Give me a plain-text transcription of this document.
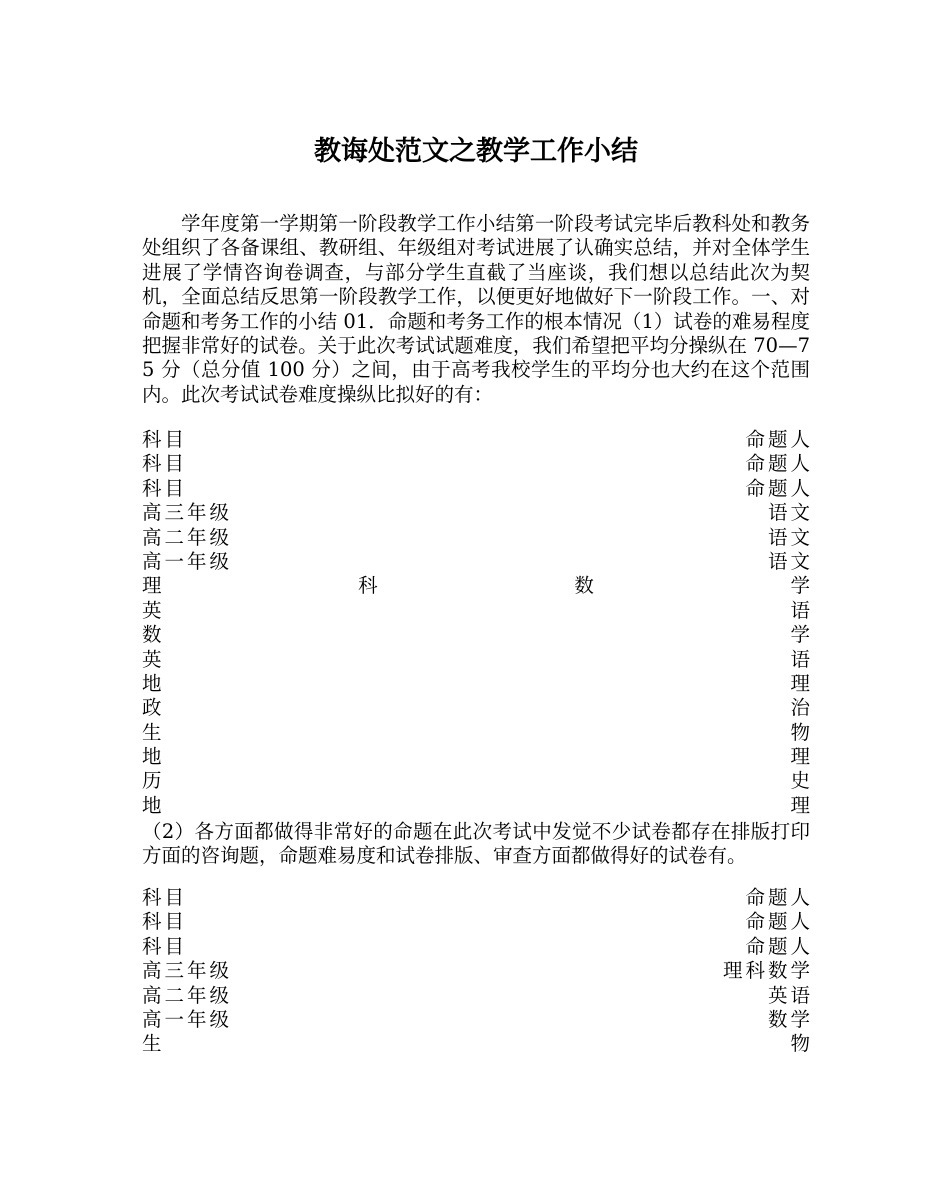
教诲处范文之教学工作小结
学年度第一学期第一阶段教学工作小结第一阶段考试完毕后教科处和教务处组织了各备课组、教研组、年级组对考试进展了认确实总结，并对全体学生进展了学情咨询卷调查，与部分学生直截了当座谈，我们想以总结此次为契机，全面总结反思第一阶段教学工作，以便更好地做好下一阶段工作。一、对命题和考务工作的小结 01．命题和考务工作的根本情况（1）试卷的难易程度把握非常好的试卷。关于此次考试试题难度，我们希望把平均分操纵在 70—75 分（总分值 100 分）之间，由于高考我校学生的平均分也大约在这个范围内。此次考试试卷难度操纵比拟好的有：
科目	命题人
科目	命题人
科目	命题人
高三年级	语文
高二年级	语文
高一年级	语文
理	科	数	学
英	语
数	学
英	语
地	理
政	治
生	物
地	理
历	史
地	理
（2）各方面都做得非常好的命题在此次考试中发觉不少试卷都存在排版打印方面的咨询题，命题难易度和试卷排版、审查方面都做得好的试卷有。
科目	命题人
科目	命题人
科目	命题人
高三年级	理科数学
高二年级	英语
高一年级	数学
生	物
